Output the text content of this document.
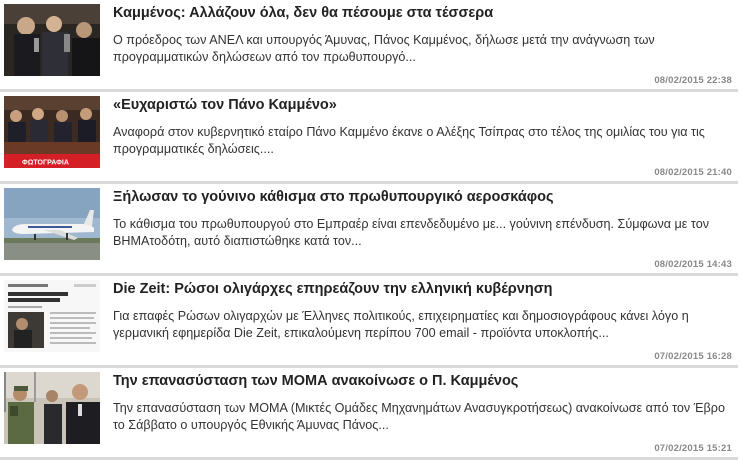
Καμμένος: Αλλάζουν όλα, δεν θα πέσουμε στα τέσσερα
Ο πρόεδρος των ΑΝΕΛ και υπουργός Άμυνας, Πάνος Καμμένος, δήλωσε μετά την ανάγνωση των προγραμματικών δηλώσεων από τον πρωθυπουργό...
08/02/2015 22:38
ΦΩΤΟΓΡΑΦΙΑ
«Ευχαριστώ τον Πάνο Καμμένο»
Αναφορά στον κυβερνητικό εταίρο Πάνο Καμμένο έκανε ο Αλέξης Τσίπρας στο τέλος της ομιλίας του για τις προγραμματικές δηλώσεις....
08/02/2015 21:40
Ξήλωσαν το γούνινο κάθισμα στο πρωθυπουργικό αεροσκάφος
Το κάθισμα του πρωθυπουργού στο Εμπραέρ είναι επενδεδυμένο με... γούνινη επένδυση. Σύμφωνα με τον ΒΗΜΑτοδότη, αυτό διαπιστώθηκε κατά τον...
08/02/2015 14:43
Die Zeit: Ρώσοι ολιγάρχες επηρεάζουν την ελληνική κυβέρνηση
Για επαφές Ρώσων ολιγαρχών με Έλληνες πολιτικούς, επιχειρηματίες και δημοσιογράφους κάνει λόγο η γερμανική εφημερίδα Die Zeit, επικαλούμενη περίπου 700 email - προϊόντα υποκλοπής...
07/02/2015 16:28
Την επανασύσταση των ΜΟΜΑ ανακοίνωσε ο Π. Καμμένος
Την επανασύσταση των ΜΟΜΑ (Μικτές Ομάδες Μηχανημάτων Ανασυγκροτήσεως) ανακοίνωσε από τον Έβρο το Σάββατο ο υπουργός Εθνικής Άμυνας Πάνος...
07/02/2015 15:21
